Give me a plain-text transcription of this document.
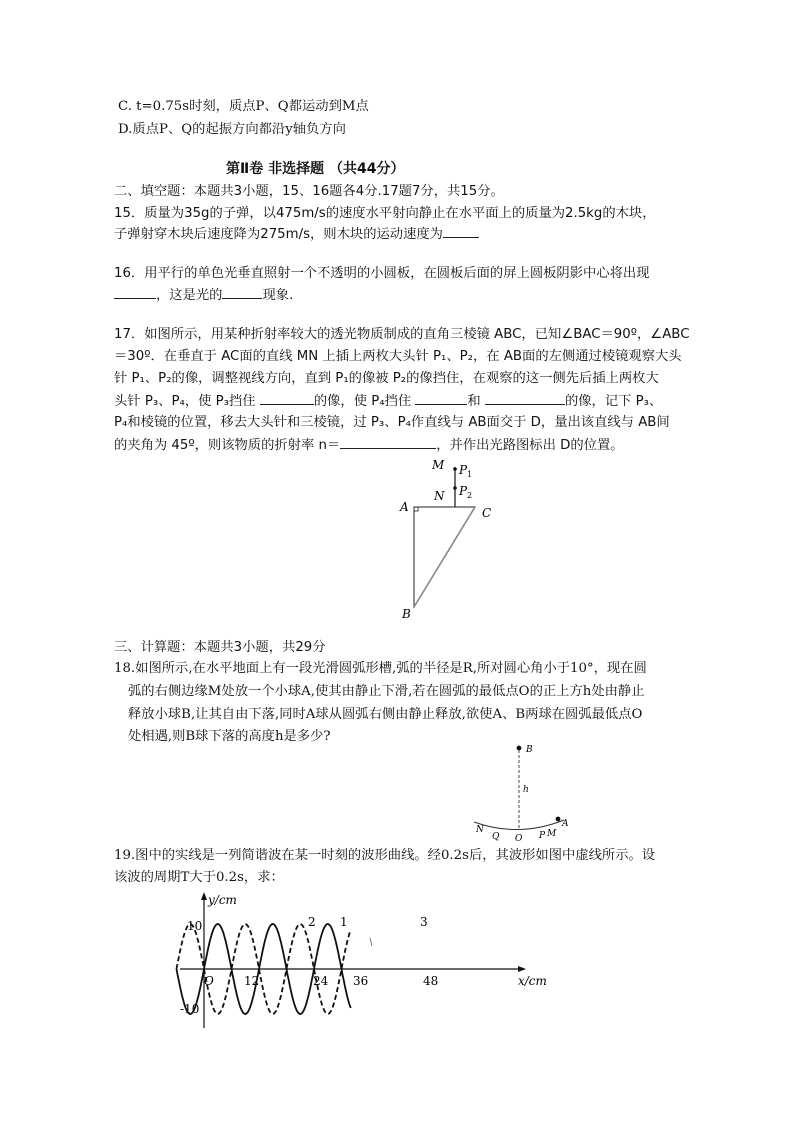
C. t=0.75s时刻，质点P、Q都运动到M点
D.质点P、Q的起振方向都沿y轴负方向
第Ⅱ卷 非选择题 （共44分）
二、填空题：本题共3小题，15、16题各4分.17题7分，共15分。
15．质量为35g的子弹，以475m/s的速度水平射向静止在水平面上的质量为2.5kg的木块，
子弹射穿木块后速度降为275m/s，则木块的运动速度为
16．用平行的单色光垂直照射一个不透明的小圆板，在圆板后面的屏上圆板阴影中心将出现
，这是光的	现象.
17．如图所示，用某种折射率较大的透光物质制成的直角三棱镜 ABC，已知∠BAC＝90º，∠ABC
＝30º．在垂直于 AC面的直线 MN 上插上两枚大头针 P₁、P₂，在 AB面的左侧通过棱镜观察大头
针 P₁、P₂的像，调整视线方向，直到 P₁的像被 P₂的像挡住，在观察的这一侧先后插上两枚大
头针 P₃、P₄，使 P₃挡住	的像，使 P₄挡住	和	的像，记下 P₃、
P₄和棱镜的位置，移去大头针和三棱镜，过 P₃、P₄作直线与 AB面交于 D，量出该直线与 AB间
的夹角为 45º，则该物质的折射率 n＝	，并作出光路图标出 D的位置。
M P 1
N P 2
A	C
B
三、计算题：本题共3小题，共29分
18.如图所示,在水平地面上有一段光滑圆弧形槽,弧的半径是R,所对圆心角小于10°，现在圆
弧的右侧边缘M处放一个小球A,使其由静止下滑,若在圆弧的最低点O的正上方h处由静止
释放小球B,让其自由下落,同时A球从圆弧右侧由静止释放,欲使A、B两球在圆弧最低点O
处相遇,则B球下落的高度h是多少?
B
h
A
N
Q O P M
19.图中的实线是一列简谐波在某一时刻的波形曲线。经0.2s后，其波形如图中虚线所示。设
该波的周期T大于0.2s，求：
y/cm
x/cm
10
-10
O	12	24 36	48
2 1	3
